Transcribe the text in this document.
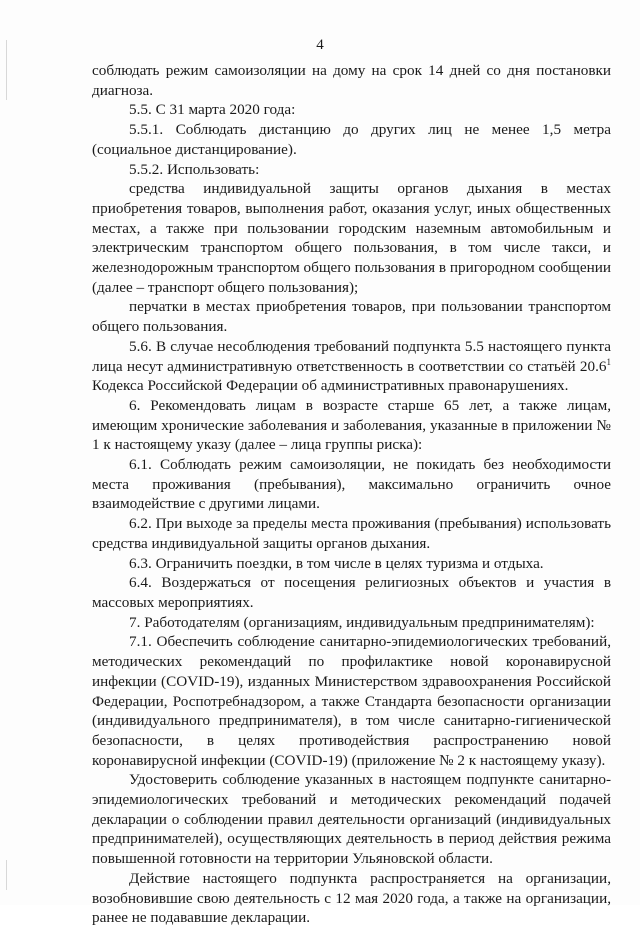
4

соблюдать режим самоизоляции на дому на срок 14 дней со дня постановки диагноза.

5.5. С 31 марта 2020 года:

5.5.1. Соблюдать дистанцию до других лиц не менее 1,5 метра (социальное дистанцирование).

5.5.2. Использовать:

средства индивидуальной защиты органов дыхания в местах приобретения товаров, выполнения работ, оказания услуг, иных общественных местах, а также при пользовании городским наземным автомобильным и электрическим транспортом общего пользования, в том числе такси, и железнодорожным транспортом общего пользования в пригородном сообщении (далее – транспорт общего пользования);

перчатки в местах приобретения товаров, при пользовании транспортом общего пользования.

5.6. В случае несоблюдения требований подпункта 5.5 настоящего пункта лица несут административную ответственность в соответствии со статьёй 20.6$^1$ Кодекса Российской Федерации об административных правонарушениях.

6. Рекомендовать лицам в возрасте старше 65 лет, а также лицам, имеющим хронические заболевания и заболевания, указанные в приложении № 1 к настоящему указу (далее – лица группы риска):

6.1. Соблюдать режим самоизоляции, не покидать без необходимости места проживания (пребывания), максимально ограничить очное взаимодействие с другими лицами.

6.2. При выходе за пределы места проживания (пребывания) использовать средства индивидуальной защиты органов дыхания.

6.3. Ограничить поездки, в том числе в целях туризма и отдыха.

6.4. Воздержаться от посещения религиозных объектов и участия в массовых мероприятиях.

7. Работодателям (организациям, индивидуальным предпринимателям):

7.1. Обеспечить соблюдение санитарно-эпидемиологических требований, методических рекомендаций по профилактике новой коронавирусной инфекции (COVID-19), изданных Министерством здравоохранения Российской Федерации, Роспотребнадзором, а также Стандарта безопасности организации (индивидуального предпринимателя), в том числе санитарно-гигиенической безопасности, в целях противодействия распространению новой коронавирусной инфекции (COVID-19) (приложение № 2 к настоящему указу).

Удостоверить соблюдение указанных в настоящем подпункте санитарно-эпидемиологических требований и методических рекомендаций подачей декларации о соблюдении правил деятельности организаций (индивидуальных предпринимателей), осуществляющих деятельность в период действия режима повышенной готовности на территории Ульяновской области.

Действие настоящего подпункта распространяется на организации, возобновившие свою деятельность с 12 мая 2020 года, а также на организации, ранее не подававшие декларации.
